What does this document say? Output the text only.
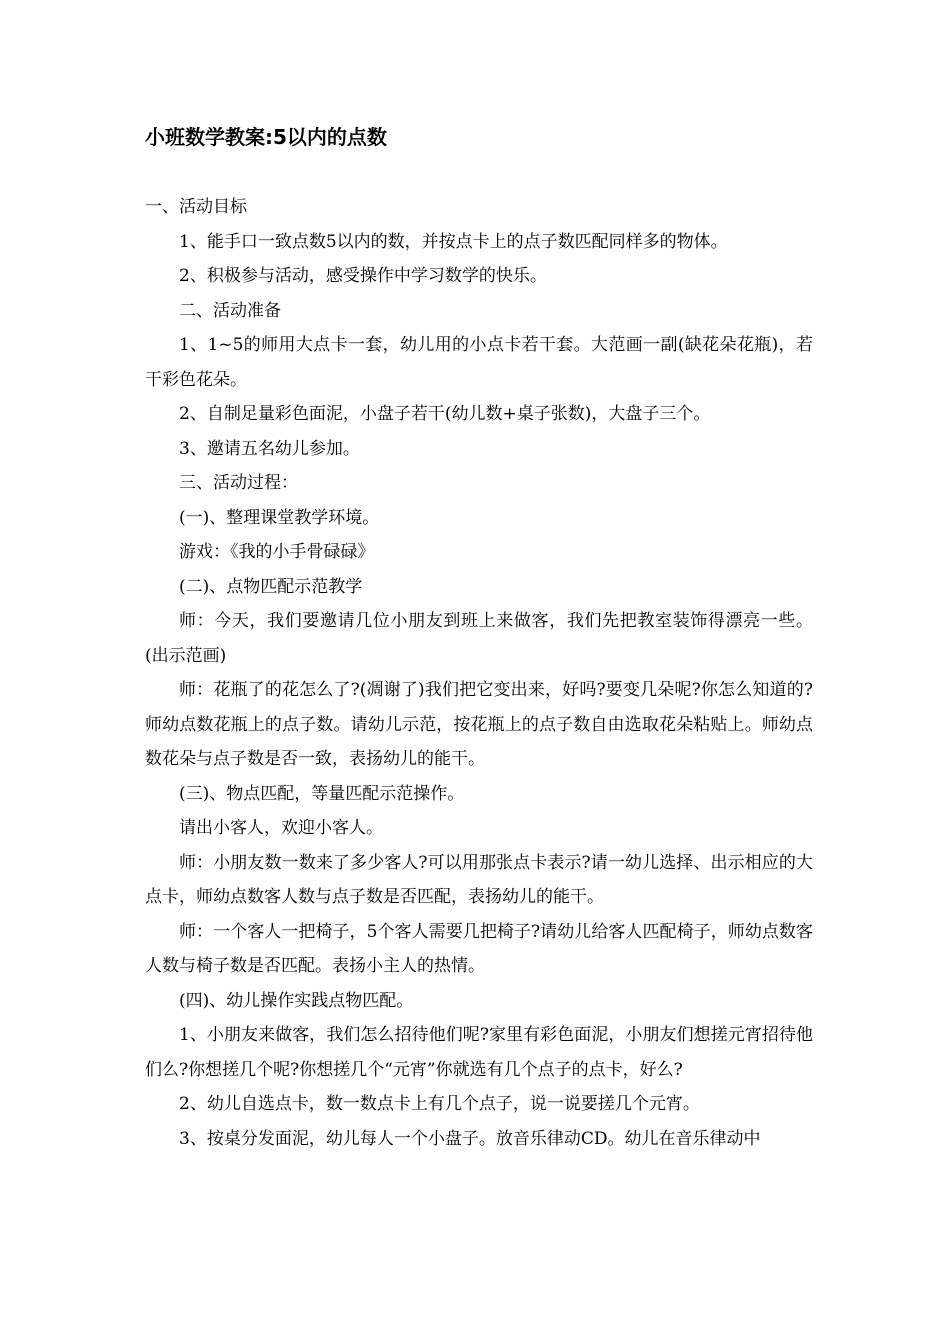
小班数学教案:5以内的点数

一、活动目标

1、能手口一致点数5以内的数，并按点卡上的点子数匹配同样多的物体。

2、积极参与活动，感受操作中学习数学的快乐。

二、活动准备

1、1~5的师用大点卡一套，幼儿用的小点卡若干套。大范画一副(缺花朵花瓶)，若干彩色花朵。

2、自制足量彩色面泥，小盘子若干(幼儿数+桌子张数)，大盘子三个。

3、邀请五名幼儿参加。

三、活动过程：

(一)、整理课堂教学环境。

游戏：《我的小手骨碌碌》

(二)、点物匹配示范教学

师：今天，我们要邀请几位小朋友到班上来做客，我们先把教室装饰得漂亮一些。(出示范画)

师：花瓶了的花怎么了?(凋谢了)我们把它变出来，好吗?要变几朵呢?你怎么知道的?师幼点数花瓶上的点子数。请幼儿示范，按花瓶上的点子数自由选取花朵粘贴上。师幼点数花朵与点子数是否一致，表扬幼儿的能干。

(三)、物点匹配，等量匹配示范操作。

请出小客人，欢迎小客人。

师：小朋友数一数来了多少客人?可以用那张点卡表示?请一幼儿选择、出示相应的大点卡，师幼点数客人数与点子数是否匹配，表扬幼儿的能干。

师：一个客人一把椅子，5个客人需要几把椅子?请幼儿给客人匹配椅子，师幼点数客人数与椅子数是否匹配。表扬小主人的热情。

(四)、幼儿操作实践点物匹配。

1、小朋友来做客，我们怎么招待他们呢?家里有彩色面泥，小朋友们想搓元宵招待他们么?你想搓几个呢?你想搓几个“元宵”你就选有几个点子的点卡，好么?

2、幼儿自选点卡，数一数点卡上有几个点子，说一说要搓几个元宵。

3、按桌分发面泥，幼儿每人一个小盘子。放音乐律动CD。幼儿在音乐律动中
